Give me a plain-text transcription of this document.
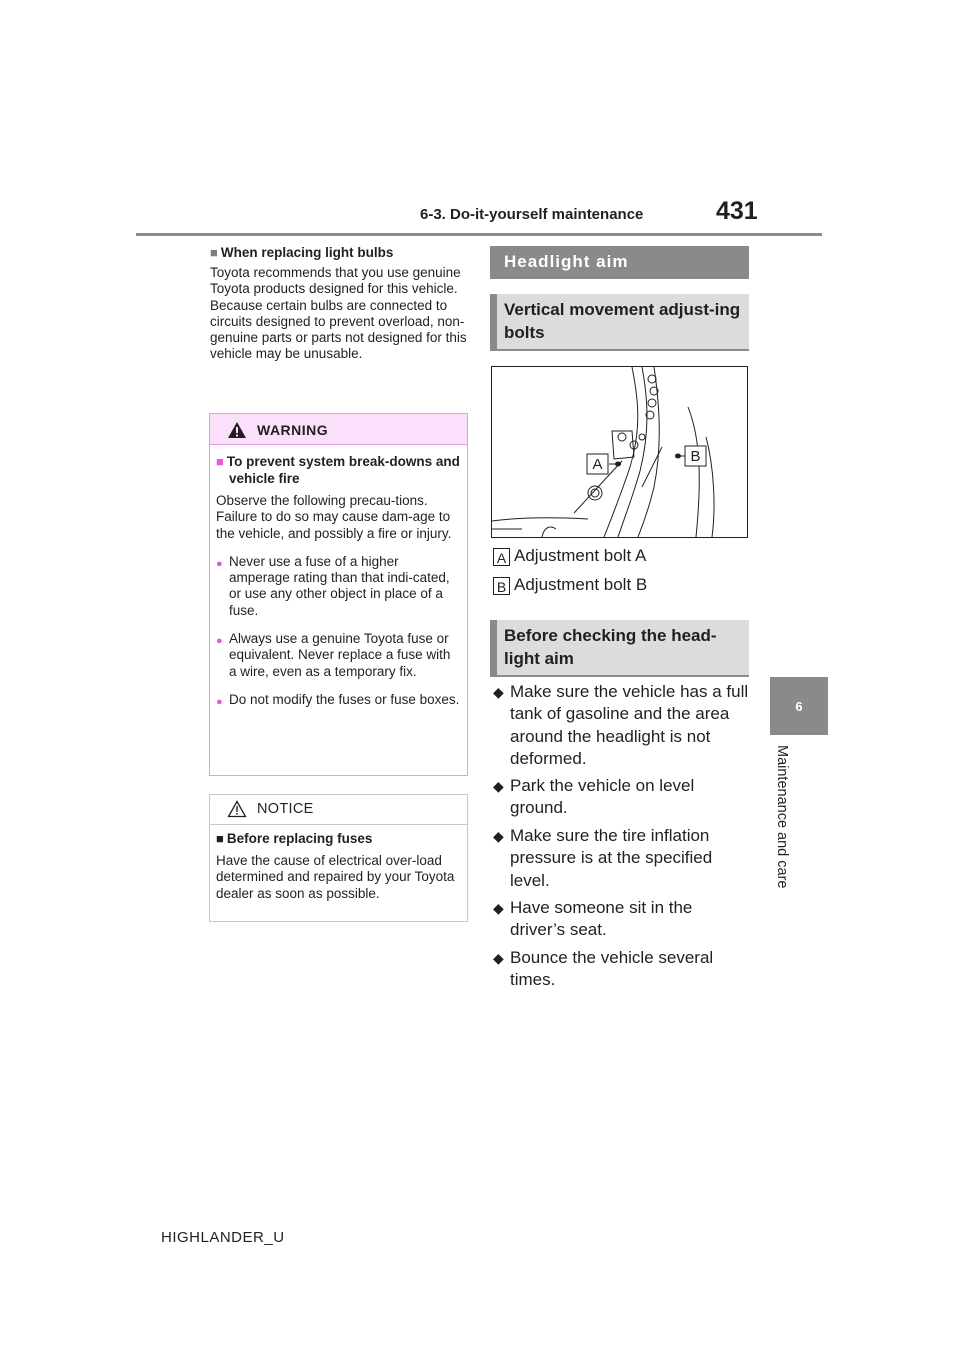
6-3. Do-it-yourself maintenance	431
6
Maintenance and care
■ When replacing light bulbs
Toyota recommends that you use genuine Toyota products designed for this vehicle. Because certain bulbs are connected to circuits designed to prevent overload, non-genuine parts or parts not designed for this vehicle may be unusable.
WARNING
■ To prevent system break-downs and vehicle fire
Observe the following precau-tions. Failure to do so may cause dam-age to the vehicle, and possibly a fire or injury.
● Never use a fuse of a higher amperage rating than that indi-cated, or use any other object in place of a fuse.
● Always use a genuine Toyota fuse or equivalent. Never replace a fuse with a wire, even as a temporary fix.
● Do not modify the fuses or fuse boxes.
NOTICE
■ Before replacing fuses
Have the cause of electrical over-load determined and repaired by your Toyota dealer as soon as possible.
Headlight aim
Vertical movement adjust-ing bolts
A	B
A Adjustment bolt A
B Adjustment bolt B
Before checking the head-light aim
◆ Make sure the vehicle has a full tank of gasoline and the area around the headlight is not deformed.
◆ Park the vehicle on level ground.
◆ Make sure the tire inflation pressure is at the specified level.
◆ Have someone sit in the driver’s seat.
◆ Bounce the vehicle several times.
HIGHLANDER_U
